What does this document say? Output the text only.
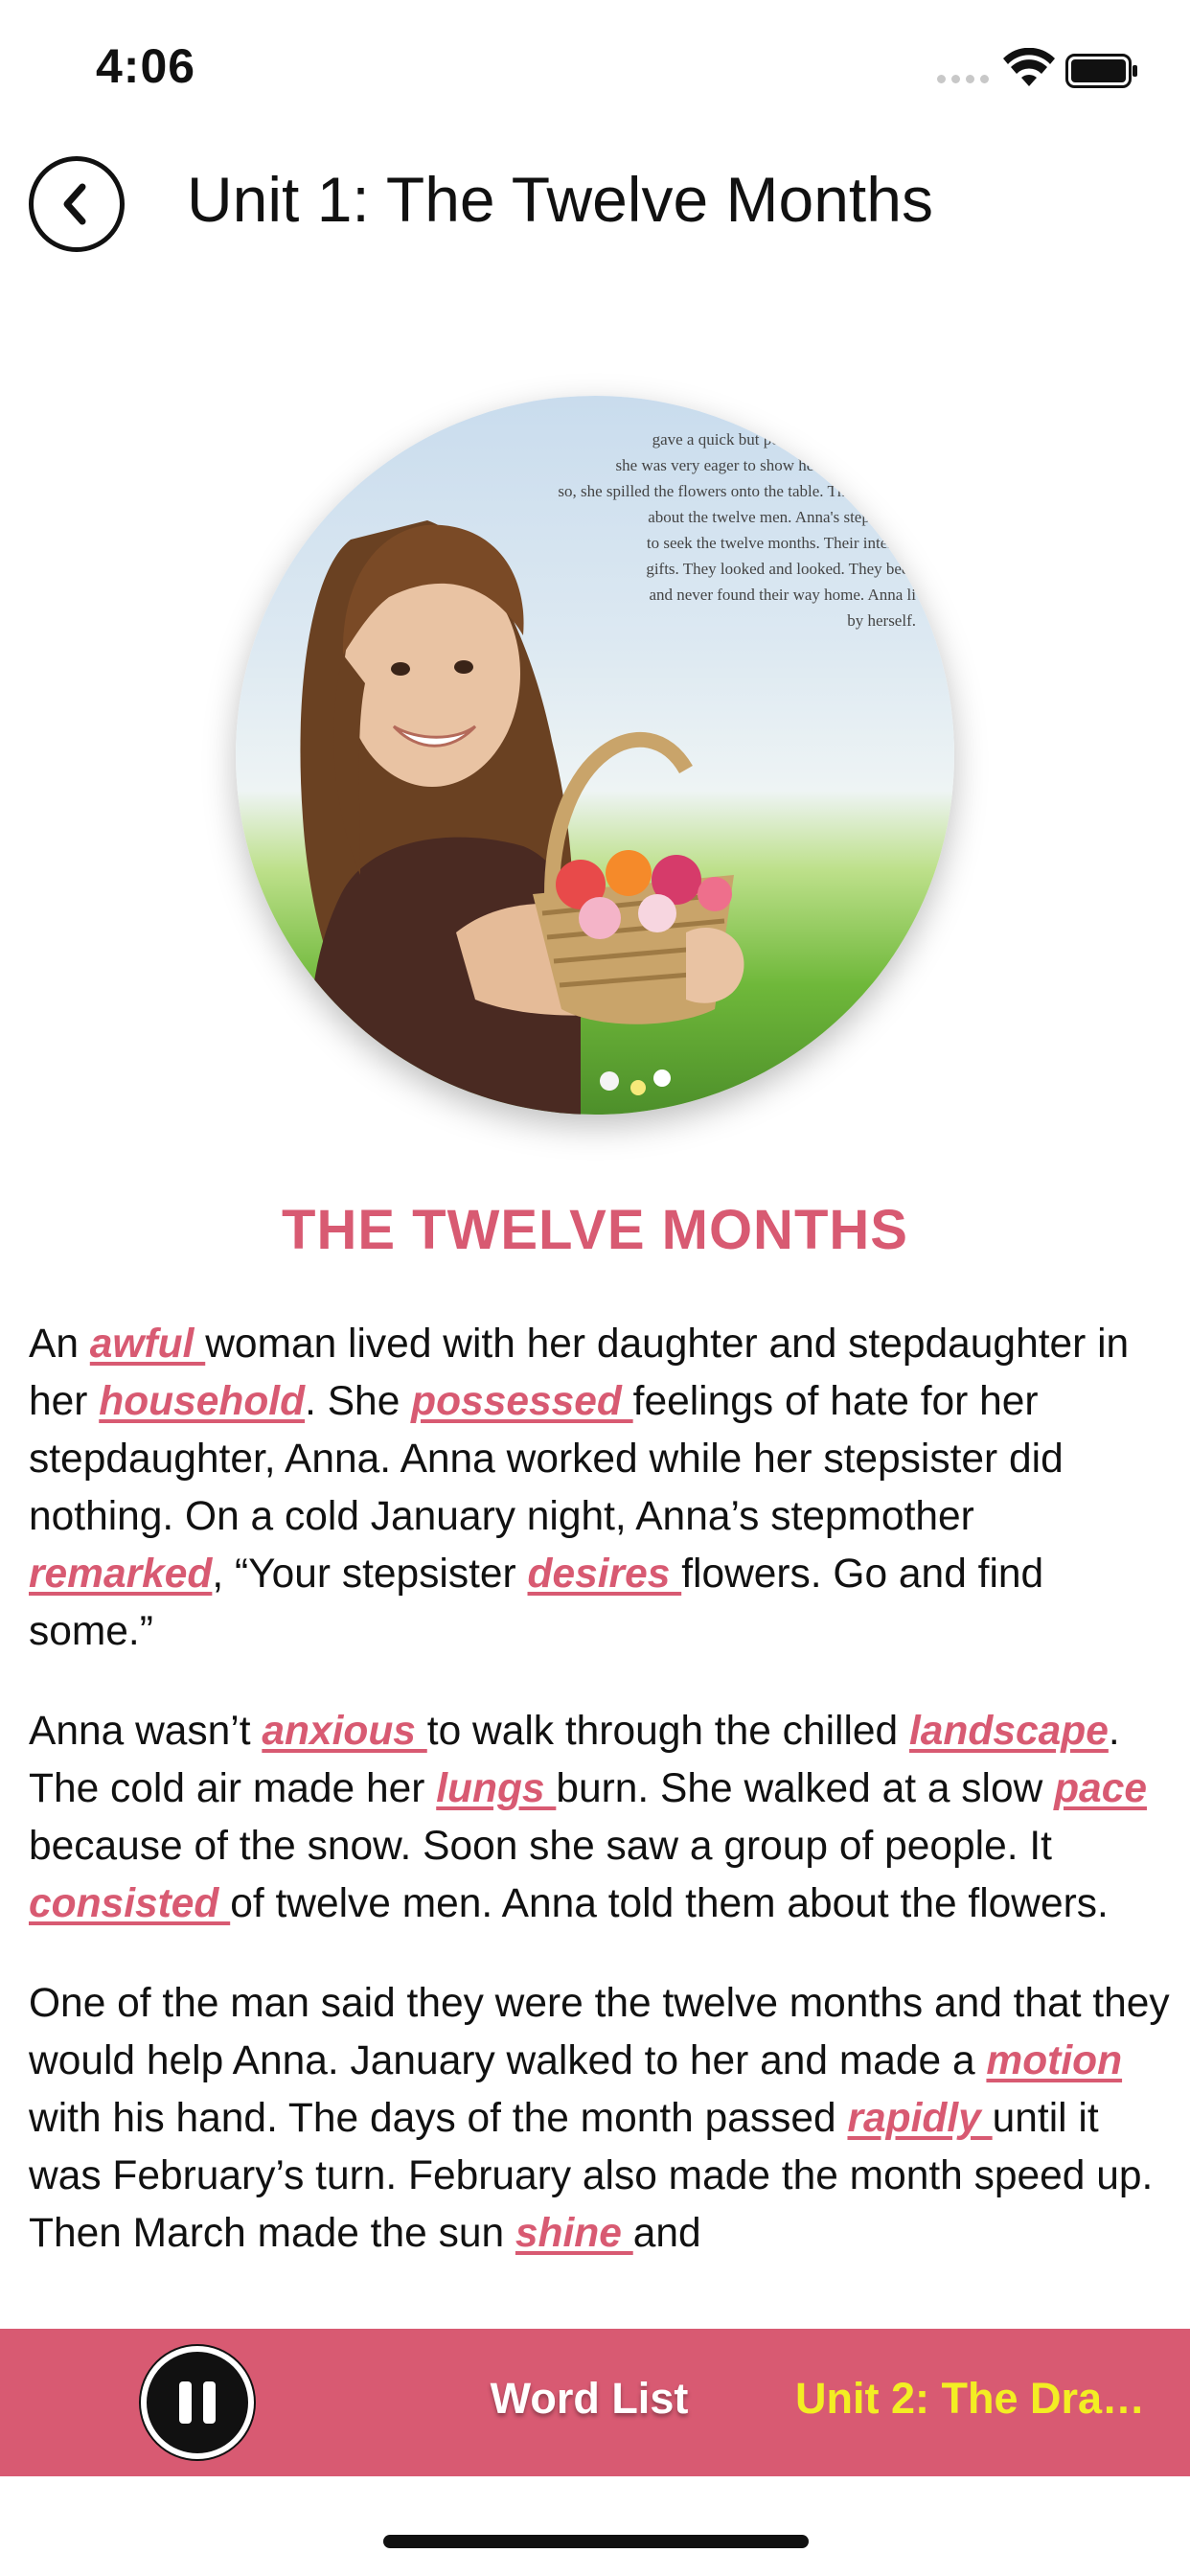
4:06
Unit 1: The Twelve Months
gave a quick but polite "thank you" to th
she was very eager to show her stepmother all
so, she spilled the flowers onto the table. Then she told
about the twelve men. Anna's stepmother
to seek the twelve months. Their intent w
gifts. They looked and looked. They beca
and never found their way home. Anna li
by herself.
THE TWELVE MONTHS

An awful woman lived with her daughter and stepdaughter in her household. She possessed feelings of hate for her stepdaughter, Anna. Anna worked while her stepsister did nothing. On a cold January night, Anna’s stepmother remarked, “Your stepsister desires flowers. Go and find some.”

Anna wasn’t anxious to walk through the chilled landscape. The cold air made her lungs burn. She walked at a slow pace because of the snow. Soon she saw a group of people. It consisted of twelve men. Anna told them about the flowers.

One of the man said they were the twelve months and that they would help Anna. January walked to her and made a motion with his hand. The days of the month passed rapidly until it was February’s turn. February also made the month speed up. Then March made the sun shine and

Word List	Unit 2: The Dra…
